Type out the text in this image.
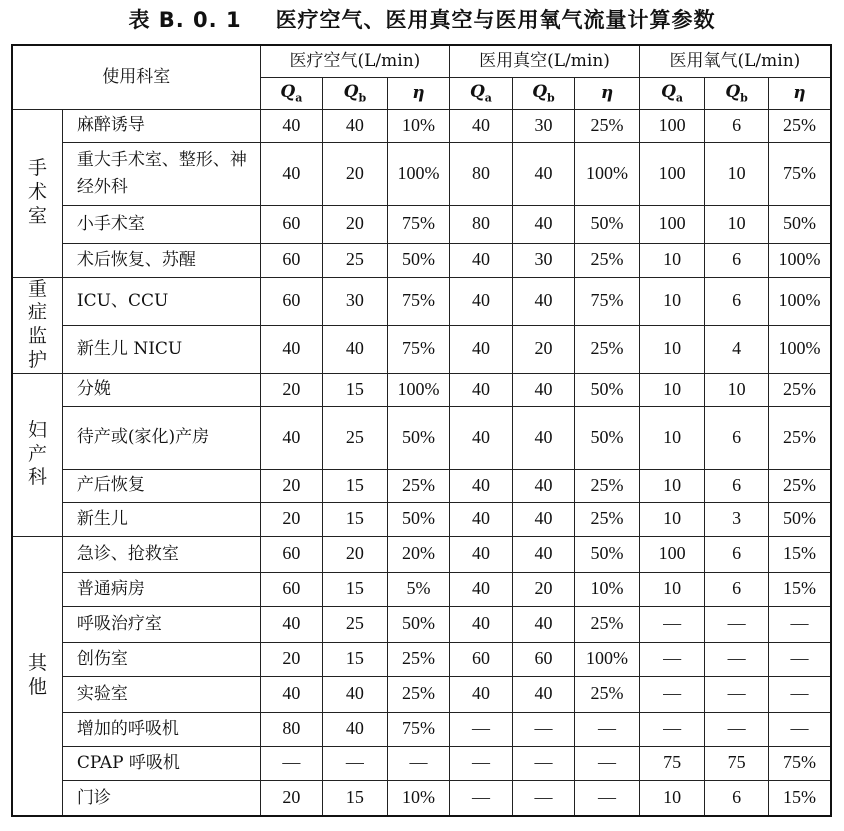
表 B. 0. 1 医疗空气、医用真空与医用氧气流量计算参数
使用科室		医疗空气(L/min)			医用真空(L/min)			医用氧气(L/min)		
		$Q_a$	$Q_b$	η	$Q_a$	$Q_b$	η	$Q_a$	$Q_b$	η

手
术
室	麻醉诱导	40	40	10%	40	30	25%	100	6	25%
	重大手术室、整形、神经外科	40	20	100%	80	40	100%	100	10	75%
	小手术室	60	20	75%	80	40	50%	100	10	50%
	术后恢复、苏醒	60	25	50%	40	30	25%	10	6	100%

重
症
监
护	ICU、CCU	60	30	75%	40	40	75%	10	6	100%
	新生儿 NICU	40	40	75%	40	20	25%	10	4	100%

妇
产
科	分娩	20	15	100%	40	40	50%	10	10	25%
	待产或(家化)产房	40	25	50%	40	40	50%	10	6	25%
	产后恢复	20	15	25%	40	40	25%	10	6	25%
	新生儿	20	15	50%	40	40	25%	10	3	50%

其
他	急诊、抢救室	60	20	20%	40	40	50%	100	6	15%
	普通病房	60	15	5%	40	20	10%	10	6	15%
	呼吸治疗室	40	25	50%	40	40	25%	—	—	—
	创伤室	20	15	25%	60	60	100%	—	—	—
	实验室	40	40	25%	40	40	25%	—	—	—
	增加的呼吸机	80	40	75%	—	—	—	—	—	—
	CPAP 呼吸机	—	—	—	—	—	—	75	75	75%
	门诊	20	15	10%	—	—	—	10	6	15%
